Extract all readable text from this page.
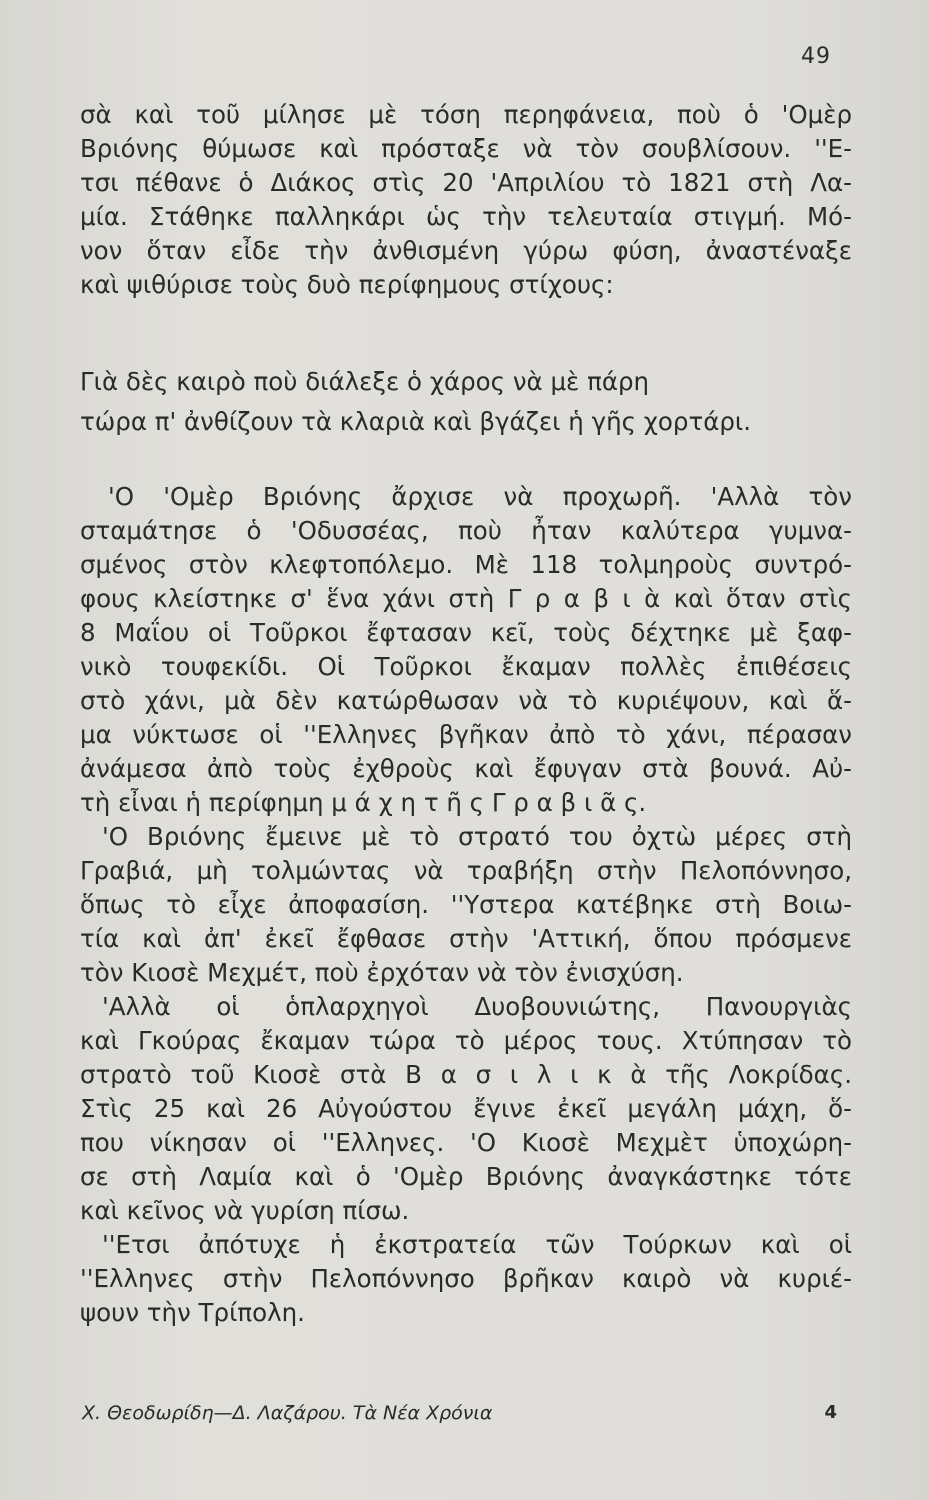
49
σὰ καὶ τοῦ μίλησε μὲ τόση περηφάνεια, ποὺ ὁ 'Ομὲρ
Βριόνης θύμωσε καὶ πρόσταξε νὰ τὸν σουβλίσουν. ''Ε-
τσι πέθανε ὁ Διάκος στὶς 20 'Απριλίου τὸ 1821 στὴ Λα-
μία. Στάθηκε παλληκάρι ὡς τὴν τελευταία στιγμή. Μό-
νον ὅταν εἶδε τὴν ἀνθισμένη γύρω φύση, ἀναστέναξε
καὶ ψιθύρισε τοὺς δυὸ περίφημους στίχους:
Γιὰ δὲς καιρὸ ποὺ διάλεξε ὁ χάρος νὰ μὲ πάρη
τώρα π' ἀνθίζουν τὰ κλαριὰ καὶ βγάζει ἡ γῆς χορτάρι.
'Ο 'Ομὲρ Βριόνης ἄρχισε νὰ προχωρῆ. 'Αλλὰ τὸν
σταμάτησε ὁ 'Οδυσσέας, ποὺ ἦταν καλύτερα γυμνα-
σμένος στὸν κλεφτοπόλεμο. Μὲ 118 τολμηροὺς συντρό-
φους κλείστηκε σ' ἕνα χάνι στὴ Γ ρ α β ι ὰ καὶ ὅταν στὶς
8 Μαΐου οἱ Τοῦρκοι ἔφτασαν κεῖ, τοὺς δέχτηκε μὲ ξαφ-
νικὸ τουφεκίδι. Οἱ Τοῦρκοι ἔκαμαν πολλὲς ἐπιθέσεις
στὸ χάνι, μὰ δὲν κατώρθωσαν νὰ τὸ κυριέψουν, καὶ ἅ-
μα νύκτωσε οἱ ''Ελληνες βγῆκαν ἀπὸ τὸ χάνι, πέρασαν
ἀνάμεσα ἀπὸ τοὺς ἐχθροὺς καὶ ἔφυγαν στὰ βουνά. Αὐ-
τὴ εἶναι ἡ περίφημη μ ά χ η τ ῆ ς Γ ρ α β ι ᾶ ς.
'Ο Βριόνης ἔμεινε μὲ τὸ στρατό του ὀχτὼ μέρες στὴ
Γραβιά, μὴ τολμώντας νὰ τραβήξη στὴν Πελοπόννησο,
ὅπως τὸ εἶχε ἀποφασίση. ''Υστερα κατέβηκε στὴ Βοιω-
τία καὶ ἀπ' ἐκεῖ ἔφθασε στὴν 'Αττική, ὅπου πρόσμενε
τὸν Κιοσὲ Μεχμέτ, ποὺ ἐρχόταν νὰ τὸν ἐνισχύση.
'Αλλὰ οἱ ὁπλαρχηγοὶ Δυοβουνιώτης, Πανουργιὰς
καὶ Γκούρας ἔκαμαν τώρα τὸ μέρος τους. Χτύπησαν τὸ
στρατὸ τοῦ Κιοσὲ στὰ Β α σ ι λ ι κ ὰ τῆς Λοκρίδας.
Στὶς 25 καὶ 26 Αὐγούστου ἔγινε ἐκεῖ μεγάλη μάχη, ὅ-
που νίκησαν οἱ ''Ελληνες. 'Ο Κιοσὲ Μεχμὲτ ὑποχώρη-
σε στὴ Λαμία καὶ ὁ 'Ομὲρ Βριόνης ἀναγκάστηκε τότε
καὶ κεῖνος νὰ γυρίση πίσω.
''Ετσι ἀπότυχε ἡ ἐκστρατεία τῶν Τούρκων καὶ οἱ
''Ελληνες στὴν Πελοπόννησο βρῆκαν καιρὸ νὰ κυριέ-
ψουν τὴν Τρίπολη.
Χ. Θεοδωρίδη—Δ. Λαζάρου. Τὰ Νέα Χρόνια	4
